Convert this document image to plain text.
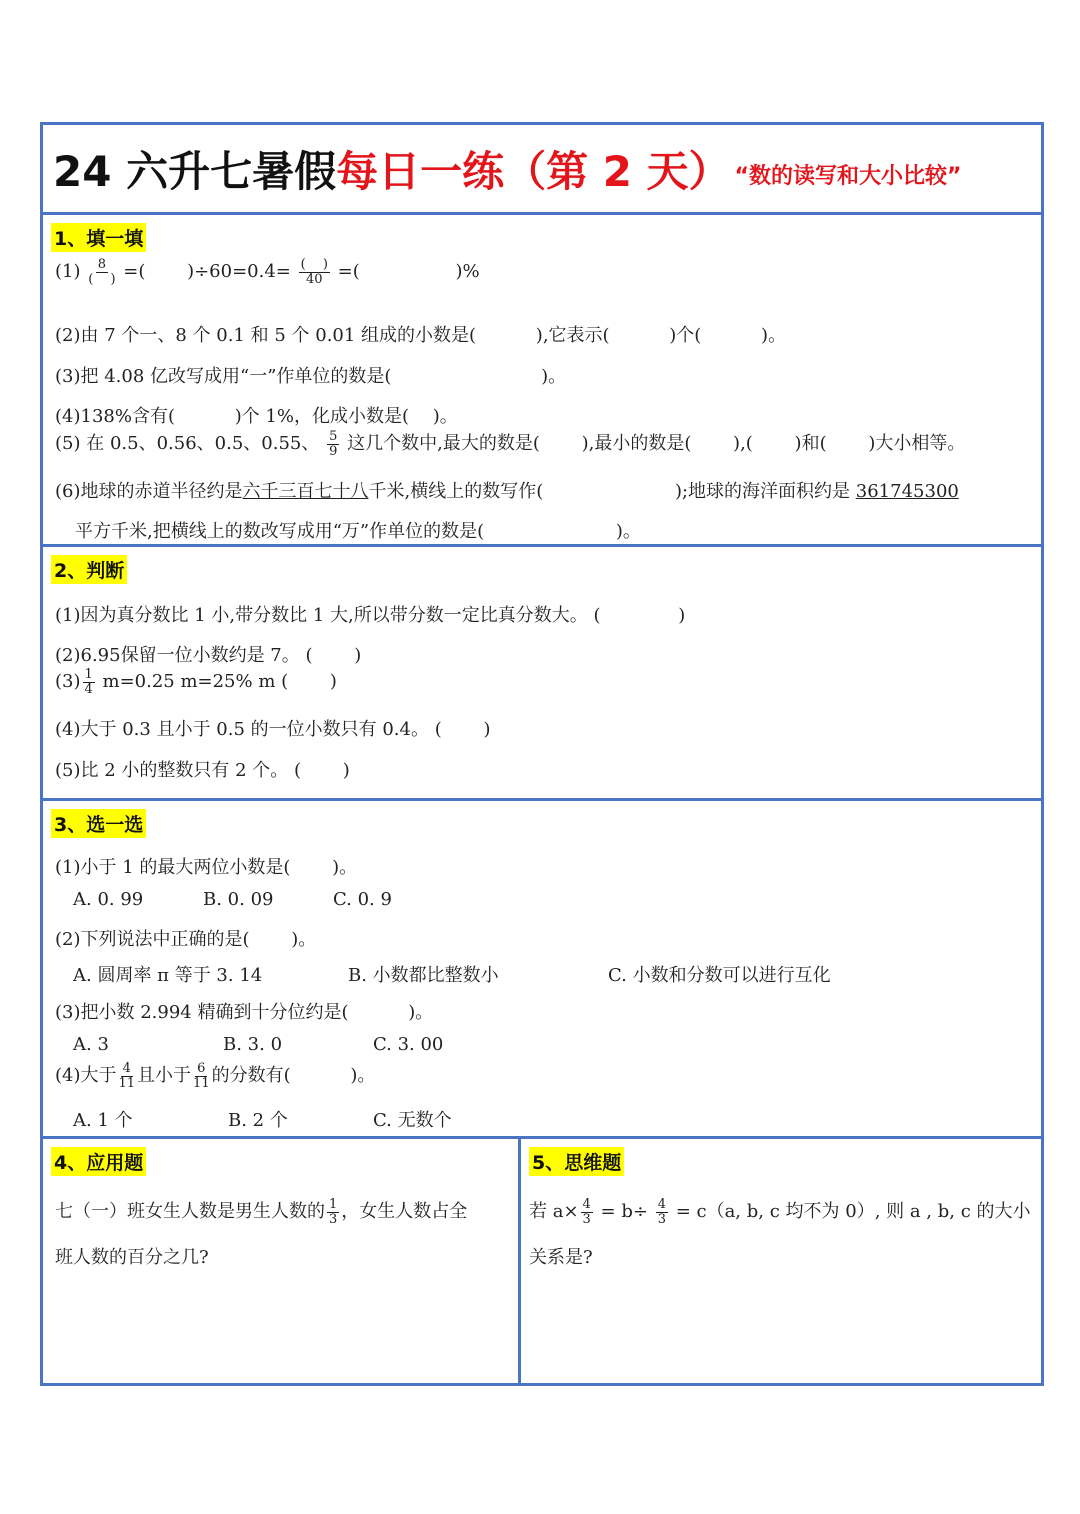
24 六升七暑假 每日一练（第 2 天） “数的读写和大小比较”
1、填一填
$(1) \frac{8}{( )}$ =(　　 )$\div 60=0.4= \frac{( )}{40}$ =(　　　　　 )%
(2)由 7 个一、8 个 0.1 和 5 个 0.01 组成的小数是(　　　 ),它表示(　　　 )个(　　　 )。
(3)把 4.08 亿改写成用“一”作单位的数是(　　　　　　　　 )。
(4)138%含有(　　　 )个 1%，化成小数是(　 )。
(5) 在 0.5、0.56、0.5、0.55、 $\frac{5}{9}$ 这几个数中,最大的数是(　　 ),最小的数是(　　 ),(　　 )和(　　 )大小相等。
(6)地球的赤道半径约是六千三百七十八千米,横线上的数写作(　　　　　　　 );地球的海洋面积约是 361745300
平方千米,把横线上的数改写成用“万”作单位的数是(　　　　　　　 )。
2、判断
(1)因为真分数比 1 小,带分数比 1 大,所以带分数一定比真分数大。 (　　　　 )
(2)6.95保留一位小数约是 7。 (　　 )
$(3) \frac{1}{4} m=0.25$ m=25% m (　　 )
(4)大于 0.3 且小于 0.5 的一位小数只有 0.4。 (　　 )
(5)比 2 小的整数只有 2 个。 (　　 )
3、选一选
(1)小于 1 的最大两位小数是(　　 )。
A. 0. 99	B. 0. 09	C. 0. 9
(2)下列说法中正确的是(　　 )。
A. 圆周率 π 等于 3. 14	B. 小数都比整数小	C. 小数和分数可以进行互化
(3)把小数 2.994 精确到十分位约是(　　　 )。
A. 3	B. 3. 0	C. 3. 00
(4)大于 $\frac{4}{11}$ 且小于 $\frac{6}{11}$ 的分数有(　　　 )。
A. 1 个	B. 2 个	C. 无数个
4、应用题
七（一）班女生人数是男生人数的 $\frac{1}{3}$ ，女生人数占全
班人数的百分之几?
5、思维题
若 $a\times \frac{4}{3} = b\div \frac{4}{3} = c(a$, b, c 均不为 0）, 则 a , b, c 的大小
关系是?
